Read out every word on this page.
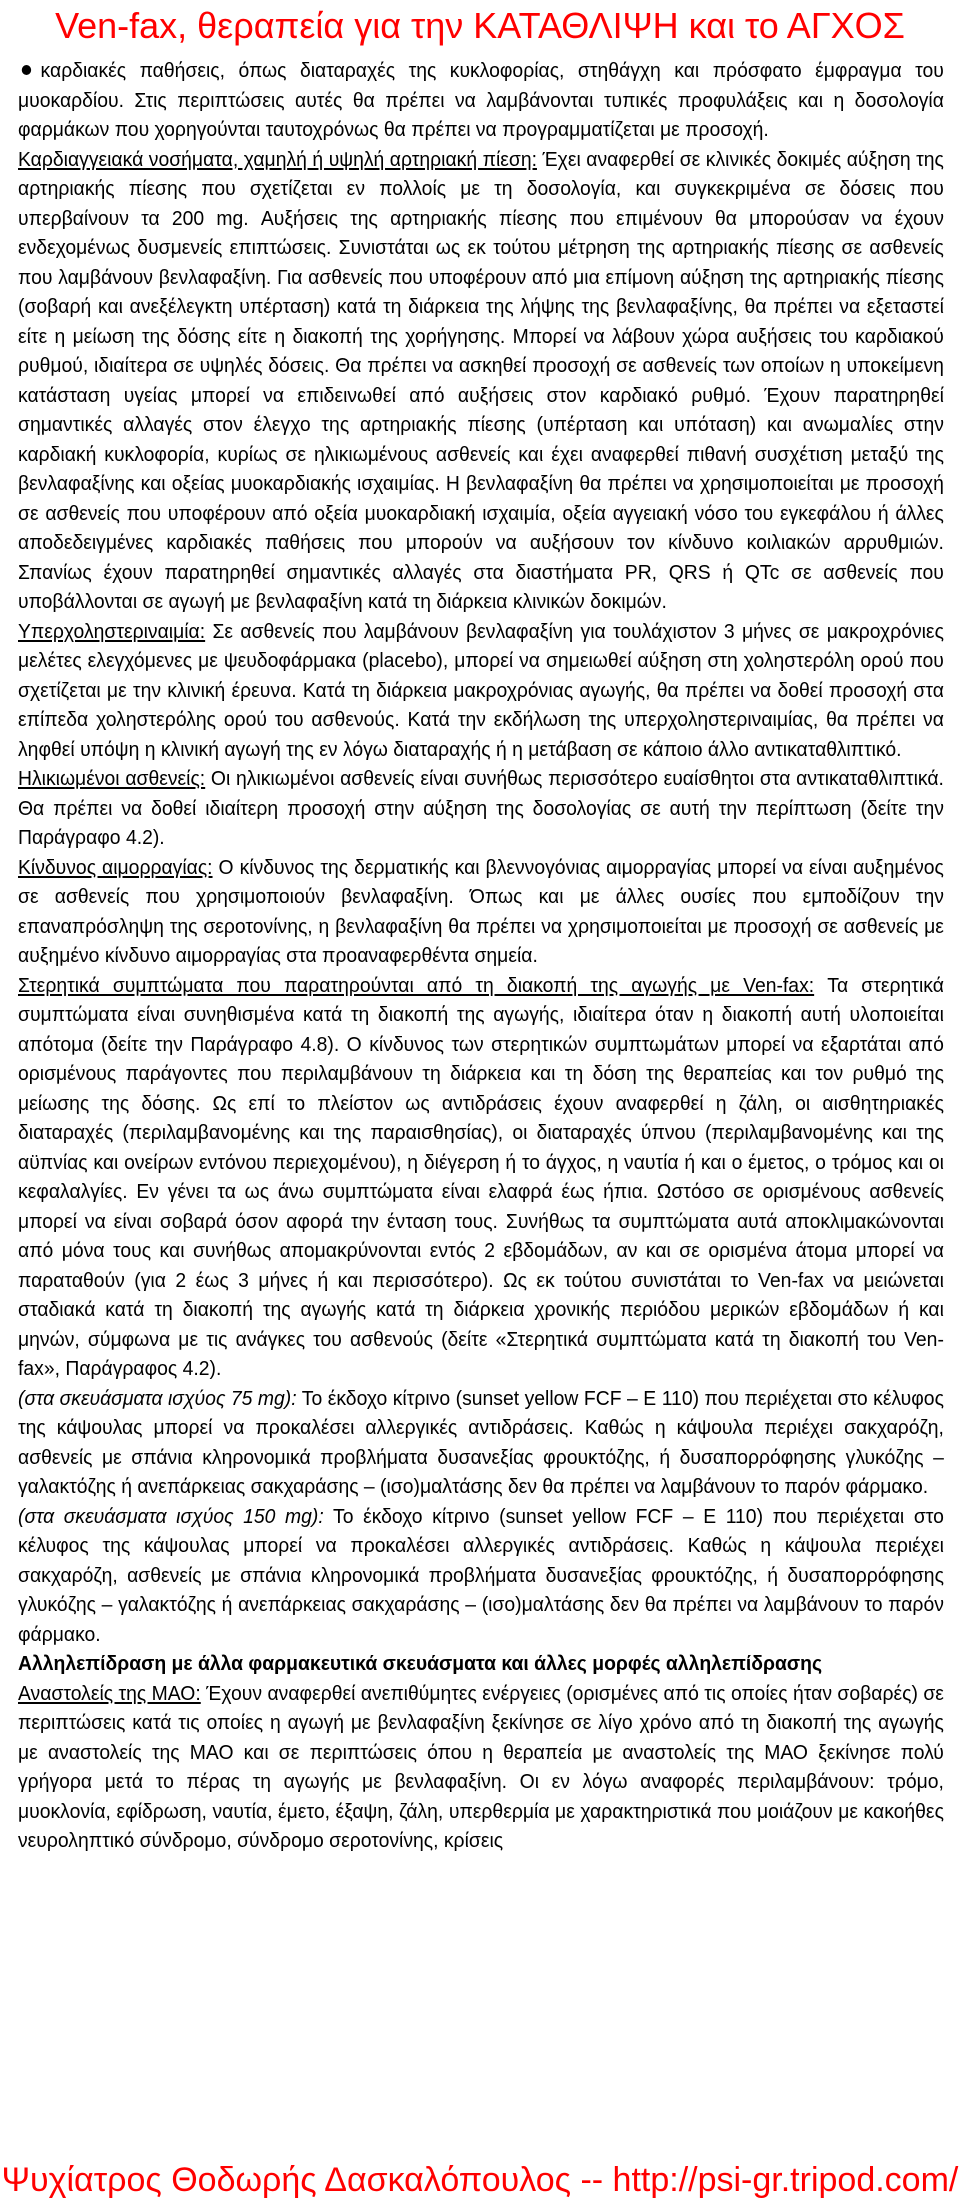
Ven-fax, θεραπεία για την ΚΑΤΑΘΛΙΨΗ και το ΑΓΧΟΣ

καρδιακές παθήσεις, όπως διαταραχές της κυκλοφορίας, στηθάγχη και πρόσφατο έμφραγμα του μυοκαρδίου. Στις περιπτώσεις αυτές θα πρέπει να λαμβάνονται τυπικές προφυλάξεις και η δοσολογία φαρμάκων που χορηγούνται ταυτοχρόνως θα πρέπει να προγραμματίζεται με προσοχή.

Καρδιαγγειακά νοσήματα, χαμηλή ή υψηλή αρτηριακή πίεση: Έχει αναφερθεί σε κλινικές δοκιμές αύξηση της αρτηριακής πίεσης που σχετίζεται εν πολλοίς με τη δοσολογία, και συγκεκριμένα σε δόσεις που υπερβαίνουν τα 200 mg. Αυξήσεις της αρτηριακής πίεσης που επιμένουν θα μπορούσαν να έχουν ενδεχομένως δυσμενείς επιπτώσεις. Συνιστάται ως εκ τούτου μέτρηση της αρτηριακής πίεσης σε ασθενείς που λαμβάνουν βενλαφαξίνη. Για ασθενείς που υποφέρουν από μια επίμονη αύξηση της αρτηριακής πίεσης (σοβαρή και ανεξέλεγκτη υπέρταση) κατά τη διάρκεια της λήψης της βενλαφαξίνης, θα πρέπει να εξεταστεί είτε η μείωση της δόσης είτε η διακοπή της χορήγησης. Μπορεί να λάβουν χώρα αυξήσεις του καρδιακού ρυθμού, ιδιαίτερα σε υψηλές δόσεις. Θα πρέπει να ασκηθεί προσοχή σε ασθενείς των οποίων η υποκείμενη κατάσταση υγείας μπορεί να επιδεινωθεί από αυξήσεις στον καρδιακό ρυθμό. Έχουν παρατηρηθεί σημαντικές αλλαγές στον έλεγχο της αρτηριακής πίεσης (υπέρταση και υπόταση) και ανωμαλίες στην καρδιακή κυκλοφορία, κυρίως σε ηλικιωμένους ασθενείς και έχει αναφερθεί πιθανή συσχέτιση μεταξύ της βενλαφαξίνης και οξείας μυοκαρδιακής ισχαιμίας. Η βενλαφαξίνη θα πρέπει να χρησιμοποιείται με προσοχή σε ασθενείς που υποφέρουν από οξεία μυοκαρδιακή ισχαιμία, οξεία αγγειακή νόσο του εγκεφάλου ή άλλες αποδεδειγμένες καρδιακές παθήσεις που μπορούν να αυξήσουν τον κίνδυνο κοιλιακών αρρυθμιών. Σπανίως έχουν παρατηρηθεί σημαντικές αλλαγές στα διαστήματα PR, QRS ή QTc σε ασθενείς που υποβάλλονται σε αγωγή με βενλαφαξίνη κατά τη διάρκεια κλινικών δοκιμών.

Υπερχοληστεριναιμία: Σε ασθενείς που λαμβάνουν βενλαφαξίνη για τουλάχιστον 3 μήνες σε μακροχρόνιες μελέτες ελεγχόμενες με ψευδοφάρμακα (placebo), μπορεί να σημειωθεί αύξηση στη χοληστερόλη ορού που σχετίζεται με την κλινική έρευνα. Κατά τη διάρκεια μακροχρόνιας αγωγής, θα πρέπει να δοθεί προσοχή στα επίπεδα χοληστερόλης ορού του ασθενούς. Κατά την εκδήλωση της υπερχοληστεριναιμίας, θα πρέπει να ληφθεί υπόψη η κλινική αγωγή της εν λόγω διαταραχής ή η μετάβαση σε κάποιο άλλο αντικαταθλιπτικό.

Ηλικιωμένοι ασθενείς: Οι ηλικιωμένοι ασθενείς είναι συνήθως περισσότερο ευαίσθητοι στα αντικαταθλιπτικά. Θα πρέπει να δοθεί ιδιαίτερη προσοχή στην αύξηση της δοσολογίας σε αυτή την περίπτωση (δείτε την Παράγραφο 4.2).

Κίνδυνος αιμορραγίας: Ο κίνδυνος της δερματικής και βλεννογόνιας αιμορραγίας μπορεί να είναι αυξημένος σε ασθενείς που χρησιμοποιούν βενλαφαξίνη. Όπως και με άλλες ουσίες που εμποδίζουν την επαναπρόσληψη της σεροτονίνης, η βενλαφαξίνη θα πρέπει να χρησιμοποιείται με προσοχή σε ασθενείς με αυξημένο κίνδυνο αιμορραγίας στα προαναφερθέντα σημεία.

Στερητικά συμπτώματα που παρατηρούνται από τη διακοπή της αγωγής με Ven-fax: Τα στερητικά συμπτώματα είναι συνηθισμένα κατά τη διακοπή της αγωγής, ιδιαίτερα όταν η διακοπή αυτή υλοποιείται απότομα (δείτε την Παράγραφο 4.8). Ο κίνδυνος των στερητικών συμπτωμάτων μπορεί να εξαρτάται από ορισμένους παράγοντες που περιλαμβάνουν τη διάρκεια και τη δόση της θεραπείας και τον ρυθμό της μείωσης της δόσης. Ως επί το πλείστον ως αντιδράσεις έχουν αναφερθεί η ζάλη, οι αισθητηριακές διαταραχές (περιλαμβανομένης και της παραισθησίας), οι διαταραχές ύπνου (περιλαμβανομένης και της αϋπνίας και ονείρων εντόνου περιεχομένου), η διέγερση ή το άγχος, η ναυτία ή και ο έμετος, ο τρόμος και οι κεφαλαλγίες. Εν γένει τα ως άνω συμπτώματα είναι ελαφρά έως ήπια. Ωστόσο σε ορισμένους ασθενείς μπορεί να είναι σοβαρά όσον αφορά την ένταση τους. Συνήθως τα συμπτώματα αυτά αποκλιμακώνονται από μόνα τους και συνήθως απομακρύνονται εντός 2 εβδομάδων, αν και σε ορισμένα άτομα μπορεί να παραταθούν (για 2 έως 3 μήνες ή και περισσότερο). Ως εκ τούτου συνιστάται το Ven-fax να μειώνεται σταδιακά κατά τη διακοπή της αγωγής κατά τη διάρκεια χρονικής περιόδου μερικών εβδομάδων ή και μηνών, σύμφωνα με τις ανάγκες του ασθενούς (δείτε «Στερητικά συμπτώματα κατά τη διακοπή του Ven-fax», Παράγραφος 4.2).

(στα σκευάσματα ισχύος 75 mg): Το έκδοχο κίτρινο (sunset yellow FCF – Ε 110) που περιέχεται στο κέλυφος της κάψουλας μπορεί να προκαλέσει αλλεργικές αντιδράσεις. Καθώς η κάψουλα περιέχει σακχαρόζη, ασθενείς με σπάνια κληρονομικά προβλήματα δυσανεξίας φρουκτόζης, ή δυσαπορρόφησης γλυκόζης – γαλακτόζης ή ανεπάρκειας σακχαράσης – (ισο)μαλτάσης δεν θα πρέπει να λαμβάνουν το παρόν φάρμακο.

(στα σκευάσματα ισχύος 150 mg): Το έκδοχο κίτρινο (sunset yellow FCF – Ε 110) που περιέχεται στο κέλυφος της κάψουλας μπορεί να προκαλέσει αλλεργικές αντιδράσεις. Καθώς η κάψουλα περιέχει σακχαρόζη, ασθενείς με σπάνια κληρονομικά προβλήματα δυσανεξίας φρουκτόζης, ή δυσαπορρόφησης γλυκόζης – γαλακτόζης ή ανεπάρκειας σακχαράσης – (ισο)μαλτάσης δεν θα πρέπει να λαμβάνουν το παρόν φάρμακο.

Αλληλεπίδραση με άλλα φαρμακευτικά σκευάσματα και άλλες μορφές αλληλεπίδρασης

Αναστολείς της ΜΑΟ: Έχουν αναφερθεί ανεπιθύμητες ενέργειες (ορισμένες από τις οποίες ήταν σοβαρές) σε περιπτώσεις κατά τις οποίες η αγωγή με βενλαφαξίνη ξεκίνησε σε λίγο χρόνο από τη διακοπή της αγωγής με αναστολείς της ΜΑΟ και σε περιπτώσεις όπου η θεραπεία με αναστολείς της ΜΑΟ ξεκίνησε πολύ γρήγορα μετά το πέρας τη αγωγής με βενλαφαξίνη. Οι εν λόγω αναφορές περιλαμβάνουν: τρόμο, μυοκλονία, εφίδρωση, ναυτία, έμετο, έξαψη, ζάλη, υπερθερμία με χαρακτηριστικά που μοιάζουν με κακοήθες νευροληπτικό σύνδρομο, σύνδρομο σεροτονίνης, κρίσεις

Ψυχίατρος Θοδωρής Δασκαλόπουλος -- http://psi-gr.tripod.com/
